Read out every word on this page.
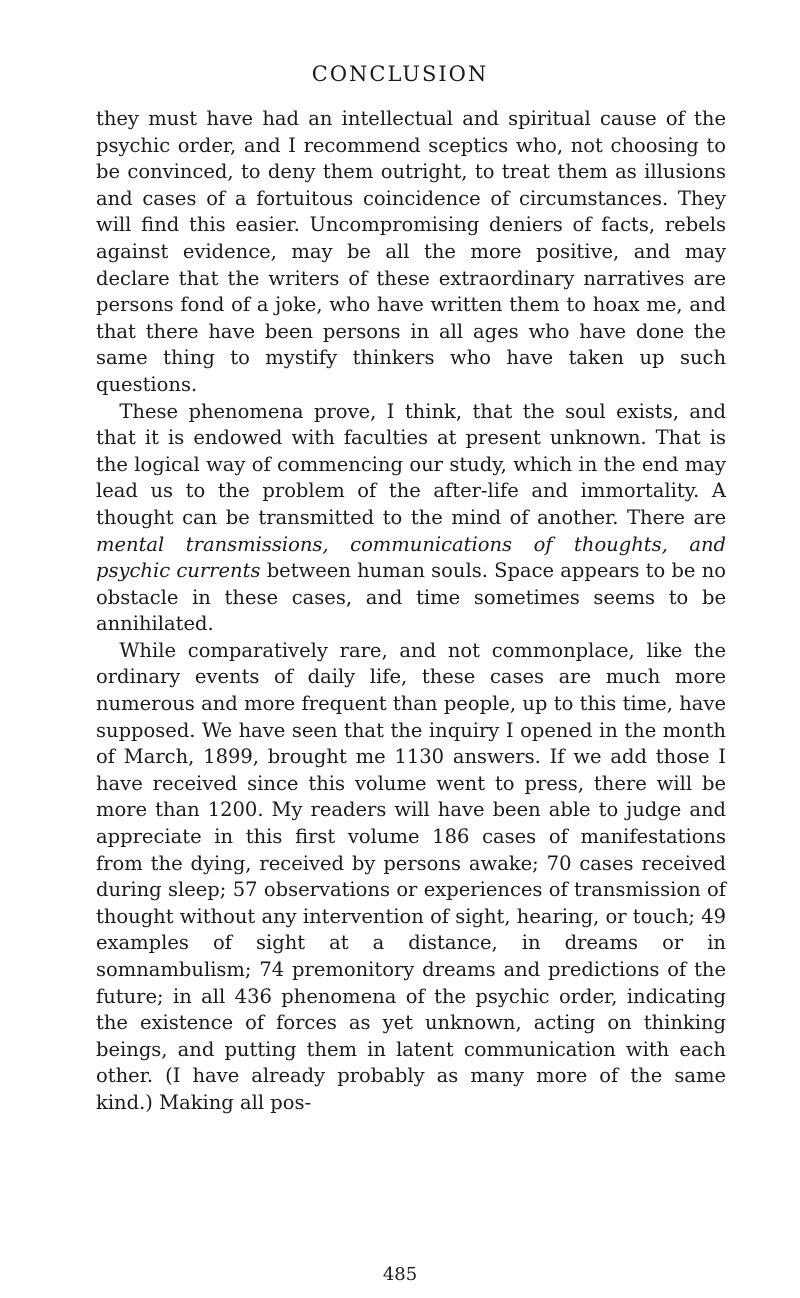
CONCLUSION

they must have had an intellectual and spiritual cause of the psychic order, and I recommend sceptics who, not choosing to be convinced, to deny them outright, to treat them as illusions and cases of a fortuitous coincidence of circumstances. They will find this easier. Uncompromising deniers of facts, rebels against evidence, may be all the more positive, and may declare that the writers of these extraordinary narratives are persons fond of a joke, who have written them to hoax me, and that there have been persons in all ages who have done the same thing to mystify thinkers who have taken up such questions.

These phenomena prove, I think, that the soul exists, and that it is endowed with faculties at present unknown. That is the logical way of commencing our study, which in the end may lead us to the problem of the after-life and immortality. A thought can be transmitted to the mind of another. There are mental transmissions, communications of thoughts, and psychic currents between human souls. Space appears to be no obstacle in these cases, and time sometimes seems to be annihilated.

While comparatively rare, and not commonplace, like the ordinary events of daily life, these cases are much more numerous and more frequent than people, up to this time, have supposed. We have seen that the inquiry I opened in the month of March, 1899, brought me 1130 answers. If we add those I have received since this volume went to press, there will be more than 1200. My readers will have been able to judge and appreciate in this first volume 186 cases of manifestations from the dying, received by persons awake; 70 cases received during sleep; 57 observations or experiences of transmission of thought without any intervention of sight, hearing, or touch; 49 examples of sight at a distance, in dreams or in somnambulism; 74 premonitory dreams and predictions of the future; in all 436 phenomena of the psychic order, indicating the existence of forces as yet unknown, acting on thinking beings, and putting them in latent communication with each other. (I have already probably as many more of the same kind.) Making all pos-

485
